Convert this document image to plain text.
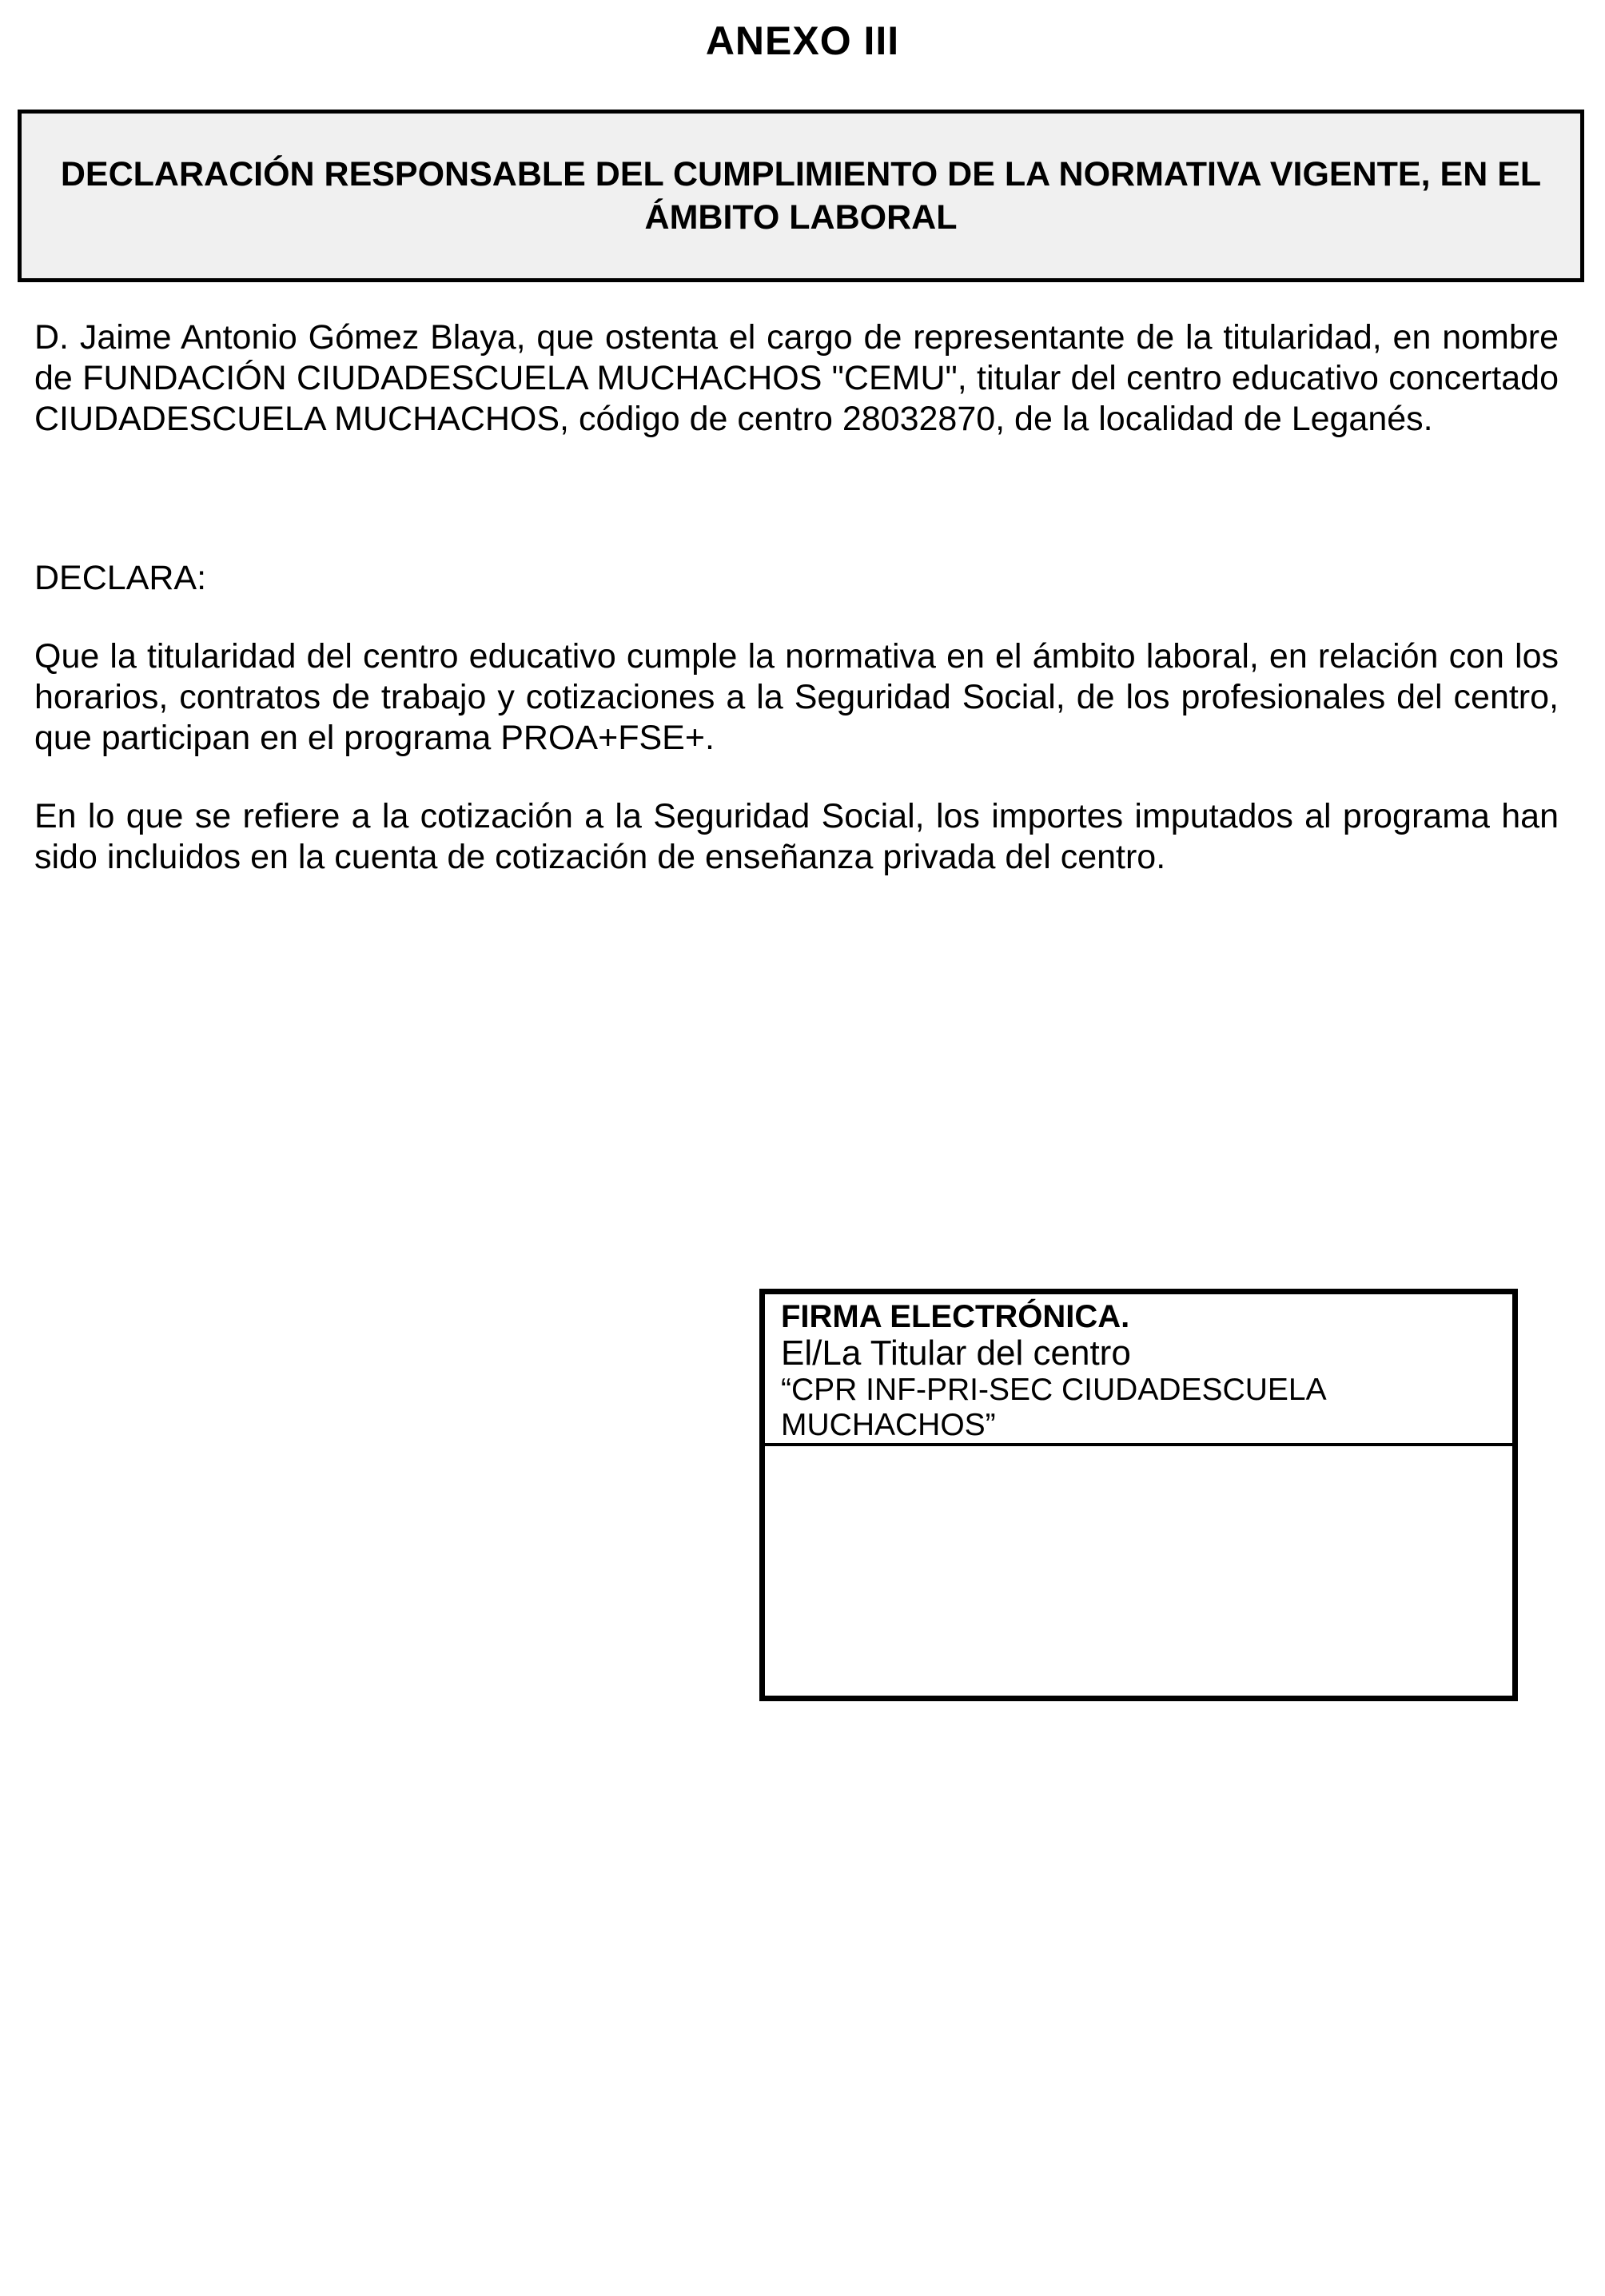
ANEXO III
DECLARACIÓN RESPONSABLE DEL CUMPLIMIENTO DE LA NORMATIVA VIGENTE, EN EL ÁMBITO LABORAL
D. Jaime Antonio Gómez Blaya, que ostenta el cargo de representante de la titularidad, en nombre de FUNDACIÓN CIUDADESCUELA MUCHACHOS "CEMU", titular del centro educativo concertado CIUDADESCUELA MUCHACHOS, código de centro 28032870, de la localidad de Leganés.
DECLARA:
Que la titularidad del centro educativo cumple la normativa en el ámbito laboral, en relación con los horarios, contratos de trabajo y cotizaciones a la Seguridad Social, de los profesionales del centro, que participan en el programa PROA+FSE+.
En lo que se refiere a la cotización a la Seguridad Social, los importes imputados al programa han sido incluidos en la cuenta de cotización de enseñanza privada del centro.
FIRMA ELECTRÓNICA.
El/La Titular del centro
“CPR INF-PRI-SEC CIUDADESCUELA MUCHACHOS”
